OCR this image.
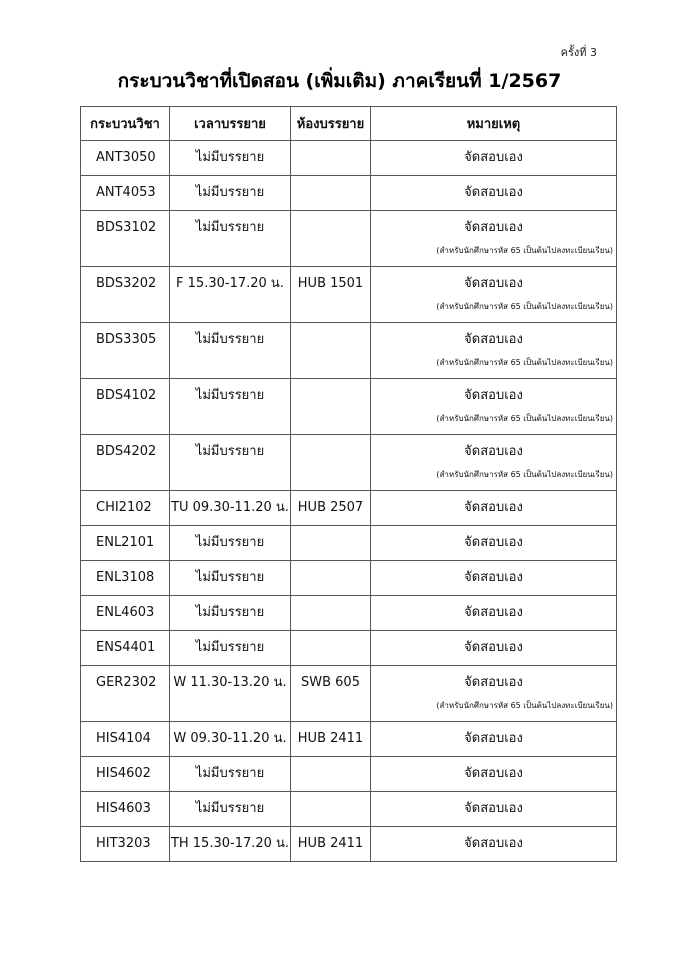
ครั้งที่ 3
กระบวนวิชาที่เปิดสอน (เพิ่มเติม) ภาคเรียนที่ 1/2567
กระบวนวิชา	เวลาบรรยาย	ห้องบรรยาย	หมายเหตุ

ANT3050	ไม่มีบรรยาย		จัดสอบเอง

ANT4053	ไม่มีบรรยาย		จัดสอบเอง

BDS3102	ไม่มีบรรยาย		จัดสอบเอง
(สำหรับนักศึกษารหัส 65 เป็นต้นไปลงทะเบียนเรียน)

BDS3202	F 15.30-17.20 น.	HUB 1501	จัดสอบเอง
(สำหรับนักศึกษารหัส 65 เป็นต้นไปลงทะเบียนเรียน)

BDS3305	ไม่มีบรรยาย		จัดสอบเอง
(สำหรับนักศึกษารหัส 65 เป็นต้นไปลงทะเบียนเรียน)

BDS4102	ไม่มีบรรยาย		จัดสอบเอง
(สำหรับนักศึกษารหัส 65 เป็นต้นไปลงทะเบียนเรียน)

BDS4202	ไม่มีบรรยาย		จัดสอบเอง
(สำหรับนักศึกษารหัส 65 เป็นต้นไปลงทะเบียนเรียน)

CHI2102	TU 09.30-11.20 น.	HUB 2507	จัดสอบเอง

ENL2101	ไม่มีบรรยาย		จัดสอบเอง

ENL3108	ไม่มีบรรยาย		จัดสอบเอง

ENL4603	ไม่มีบรรยาย		จัดสอบเอง

ENS4401	ไม่มีบรรยาย		จัดสอบเอง

GER2302	W 11.30-13.20 น.	SWB 605	จัดสอบเอง
(สำหรับนักศึกษารหัส 65 เป็นต้นไปลงทะเบียนเรียน)

HIS4104	W 09.30-11.20 น.	HUB 2411	จัดสอบเอง

HIS4602	ไม่มีบรรยาย		จัดสอบเอง

HIS4603	ไม่มีบรรยาย		จัดสอบเอง

HIT3203	TH 15.30-17.20 น.	HUB 2411	จัดสอบเอง
